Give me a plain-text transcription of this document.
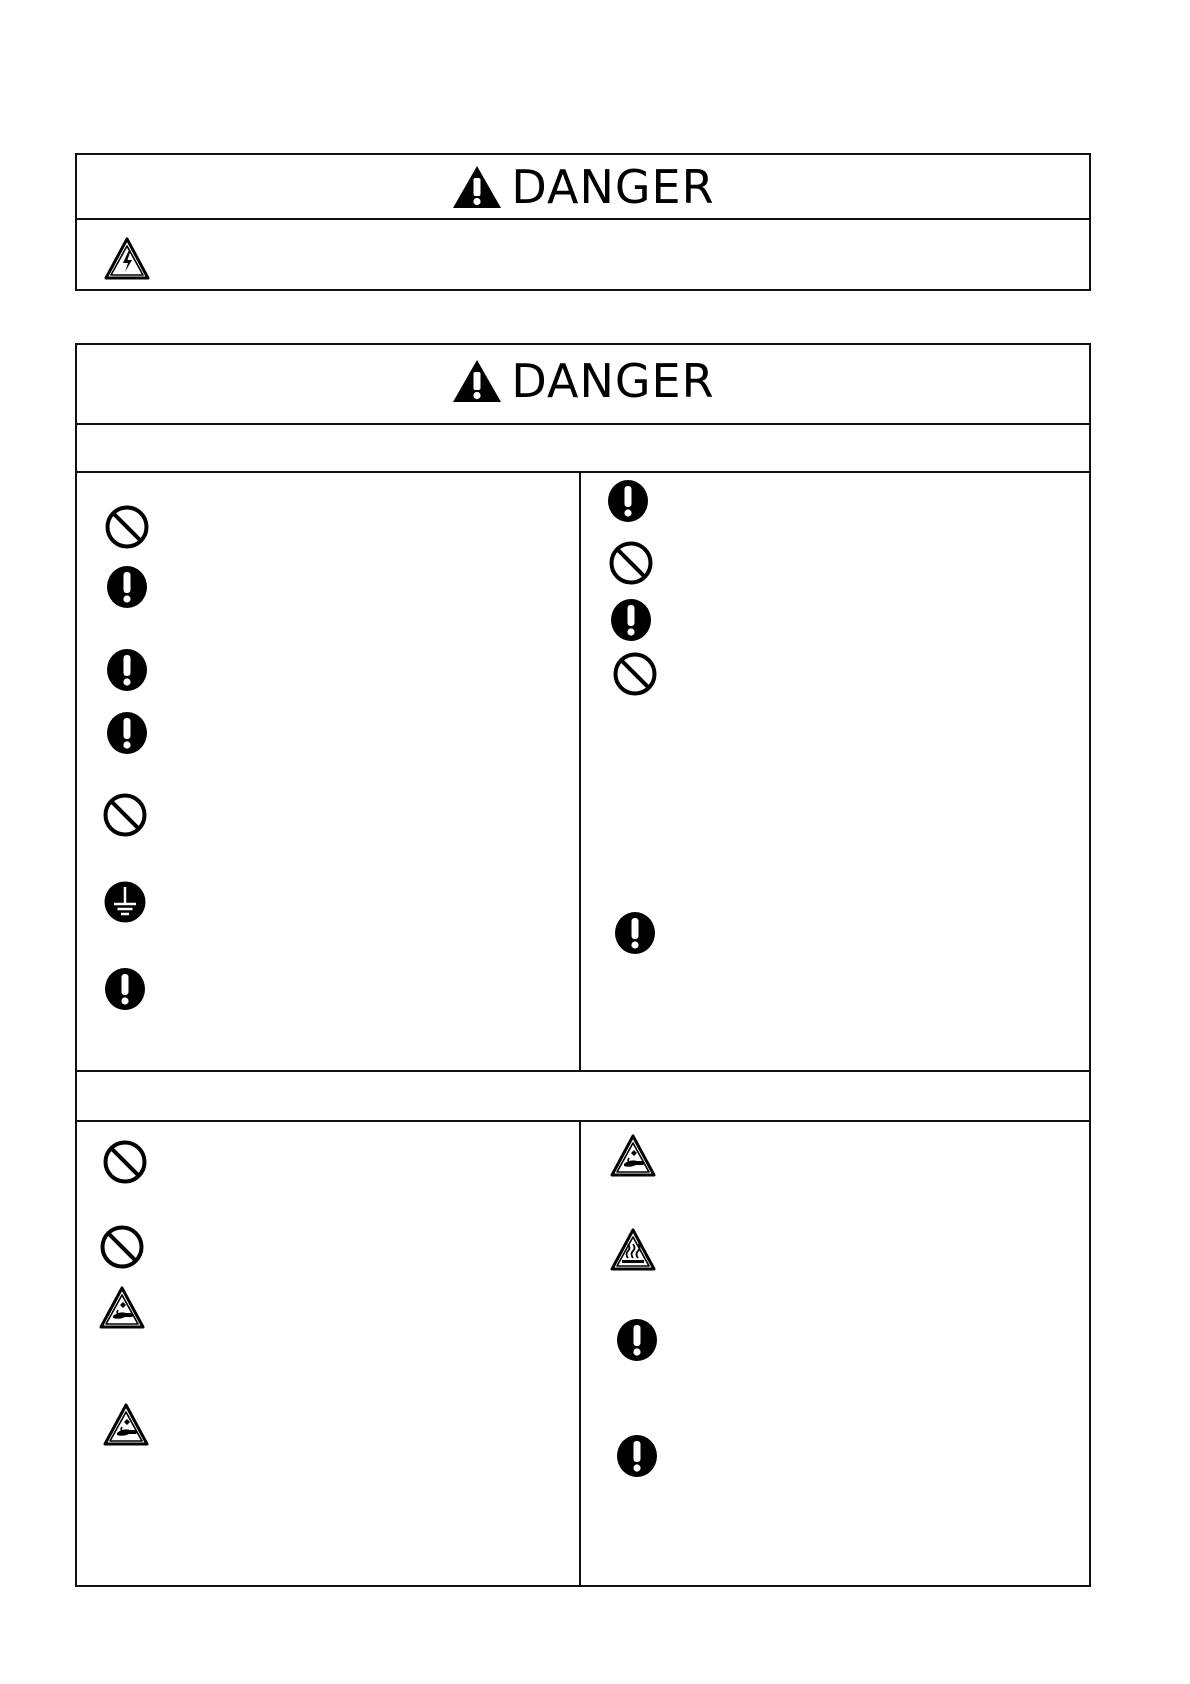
DANGER
DANGER
